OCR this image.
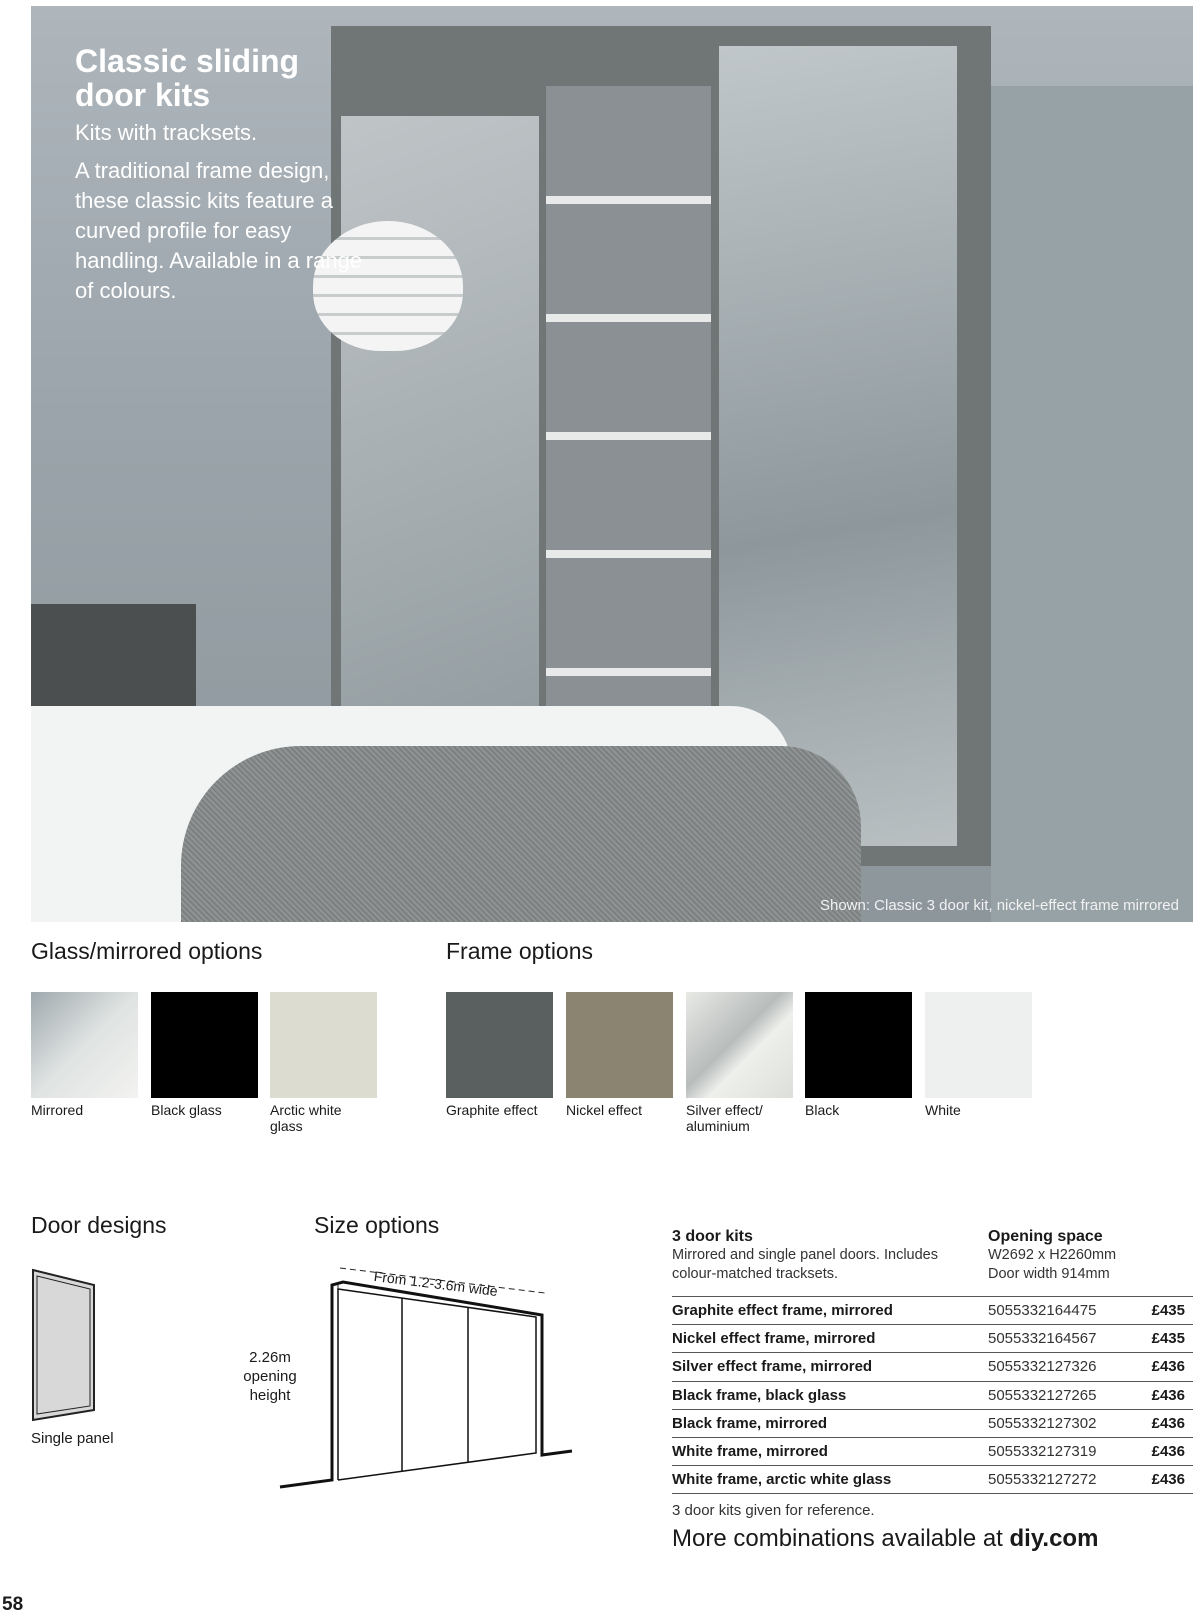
Classic sliding door kits
Kits with tracksets.
A traditional frame design, these classic kits feature a curved profile for easy handling. Available in a range of colours.
Shown: Classic 3 door kit, nickel-effect frame mirrored
Glass/mirrored options	Frame options
Mirrored	Black glass	Arctic white glass
Graphite effect	Nickel effect	Silver effect/ aluminium
Black	White
Door designs
Single panel
Size options
From 1.2-3.6m wide
2.26m opening height
3 door kits
Mirrored and single panel doors. Includes colour-matched tracksets.
Opening space
W2692 x H2260mm
Door width 914mm
Graphite effect frame, mirrored	5055332164475	£435
Nickel effect frame, mirrored	5055332164567	£435
Silver effect frame, mirrored	5055332127326	£436
Black frame, black glass	5055332127265	£436
Black frame, mirrored	5055332127302	£436
White frame, mirrored	5055332127319	£436
White frame, arctic white glass	5055332127272	£436
3 door kits given for reference.
More combinations available at diy.com
58
